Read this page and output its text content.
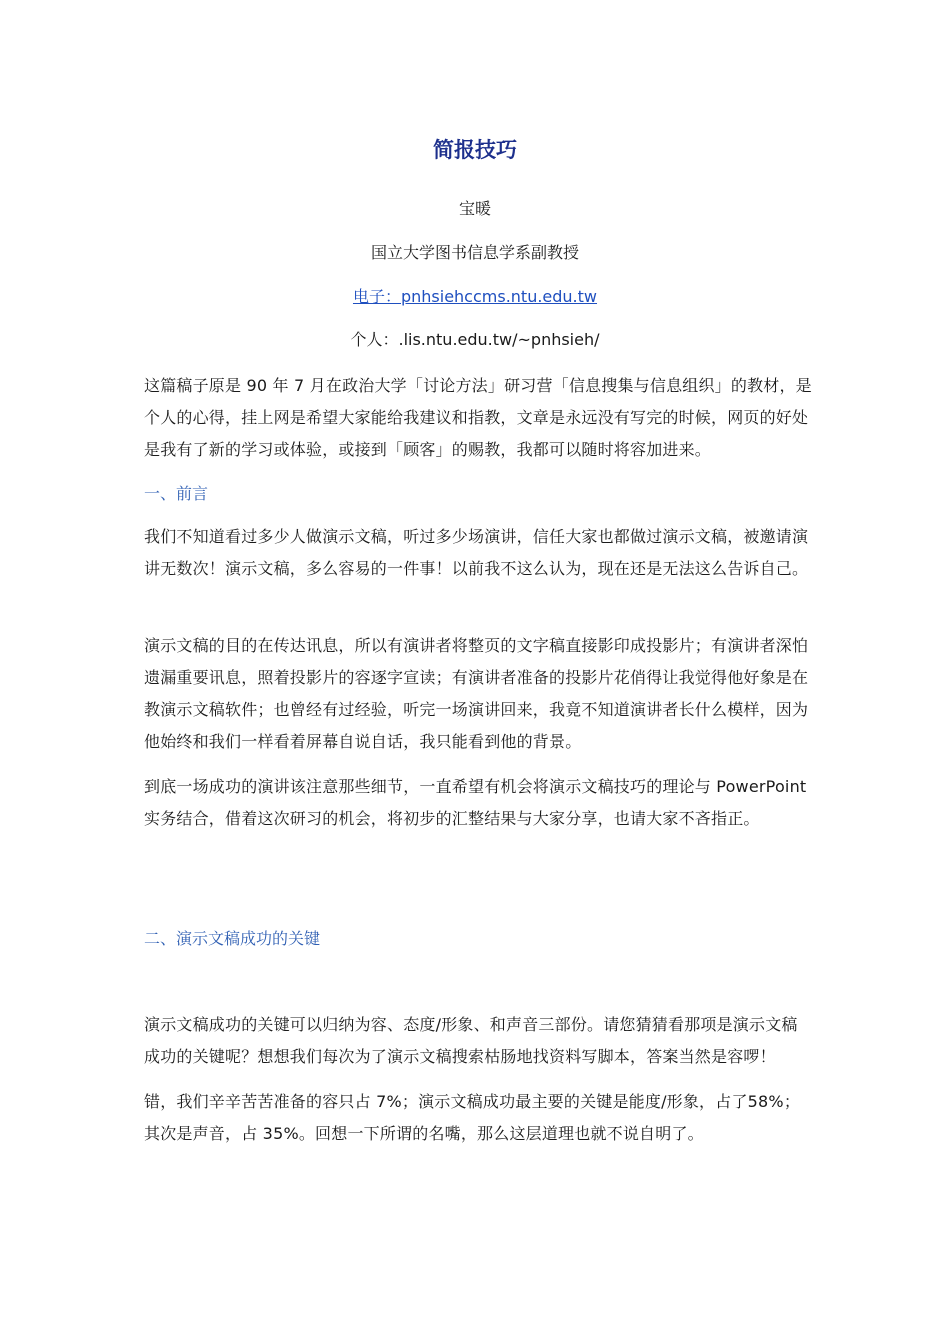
简报技巧
宝暖
国立大学图书信息学系副教授
电子：pnhsiehccms.ntu.edu.tw
个人：.lis.ntu.edu.tw/~pnhsieh/
这篇稿子原是 90 年 7 月在政治大学「讨论方法」研习营「信息搜集与信息组织」的教材，是个人的心得，挂上网是希望大家能给我建议和指教，文章是永远没有写完的时候，网页的好处是我有了新的学习或体验，或接到「顾客」的赐教，我都可以随时将容加进来。
一、前言
我们不知道看过多少人做演示文稿，听过多少场演讲，信任大家也都做过演示文稿，被邀请演讲无数次！演示文稿，多么容易的一件事！以前我不这么认为，现在还是无法这么告诉自己。
演示文稿的目的在传达讯息，所以有演讲者将整页的文字稿直接影印成投影片；有演讲者深怕遗漏重要讯息，照着投影片的容逐字宣读；有演讲者准备的投影片花俏得让我觉得他好象是在教演示文稿软件；也曾经有过经验，听完一场演讲回来，我竟不知道演讲者长什么模样，因为他始终和我们一样看着屏幕自说自话，我只能看到他的背景。
到底一场成功的演讲该注意那些细节，一直希望有机会将演示文稿技巧的理论与 PowerPoint 实务结合，借着这次研习的机会，将初步的汇整结果与大家分享，也请大家不吝指正。
二、演示文稿成功的关键
演示文稿成功的关键可以归纳为容、态度/形象、和声音三部份。请您猜猜看那项是演示文稿成功的关键呢？想想我们每次为了演示文稿搜索枯肠地找资料写脚本，答案当然是容啰！
错，我们辛辛苦苦准备的容只占 7%；演示文稿成功最主要的关键是能度/形象，占了58%；其次是声音，占 35%。回想一下所谓的名嘴，那么这层道理也就不说自明了。
